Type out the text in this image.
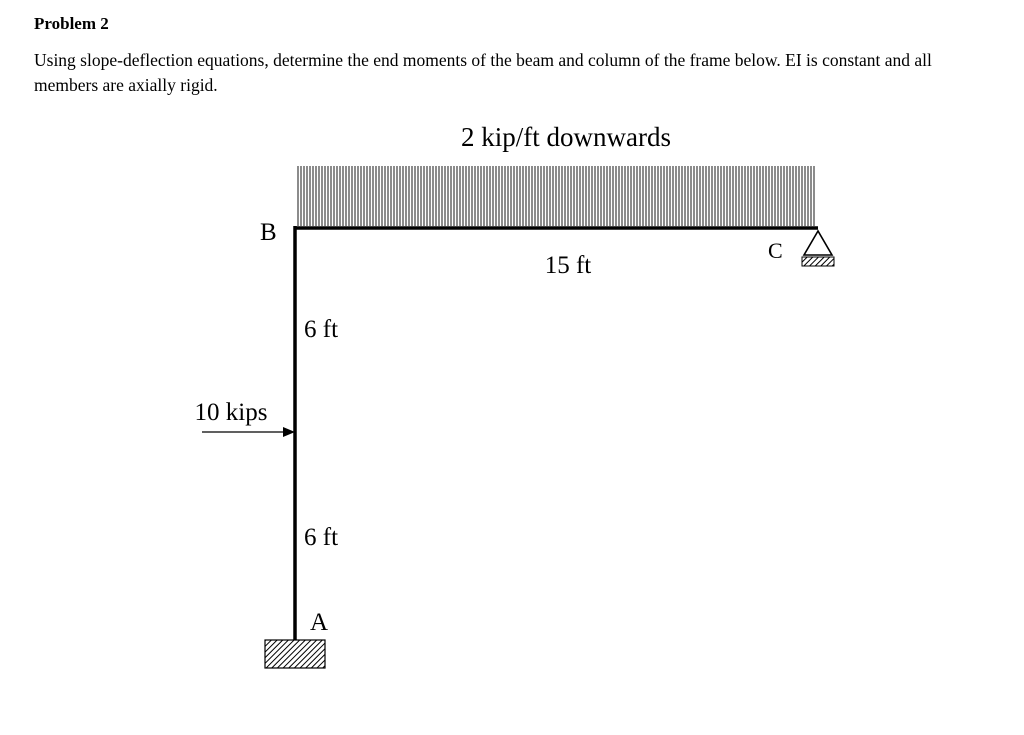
Problem 2
Using slope-deflection equations, determine the end moments of the beam and column of the frame below. EI is constant and all members are axially rigid.
2 kip/ft downwards
10 kips
15 ft
6 ft
6 ft
B
C
A
